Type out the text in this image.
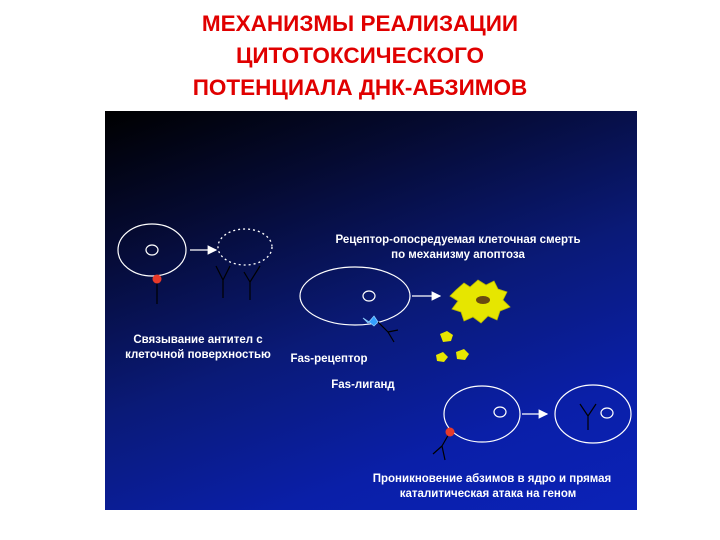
МЕХАНИЗМЫ РЕАЛИЗАЦИИ
ЦИТОТОКСИЧЕСКОГО
ПОТЕНЦИАЛА ДНК-АБЗИМОВ
Связывание антител с
клеточной поверхностью
Рецептор-опосредуемая клеточная смерть
по механизму апоптоза
Fas-рецептор
Fas-лиганд
Проникновение абзимов в ядро и прямая
каталитическая атака на геном
